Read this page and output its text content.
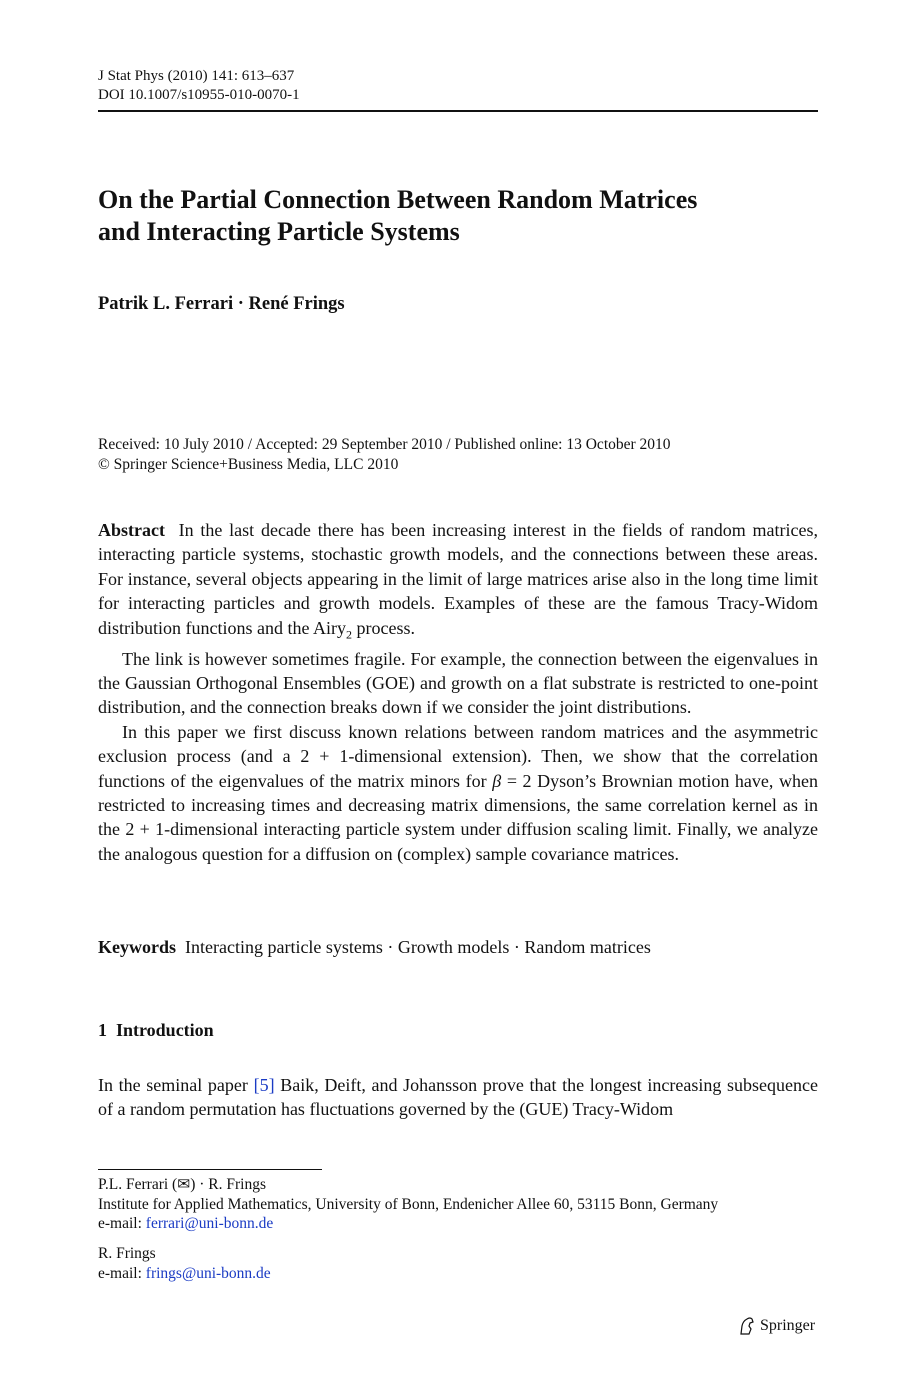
J Stat Phys (2010) 141: 613–637
DOI 10.1007/s10955-010-0070-1
On the Partial Connection Between Random Matrices
and Interacting Particle Systems
Patrik L. Ferrari · René Frings
Received: 10 July 2010 / Accepted: 29 September 2010 / Published online: 13 October 2010
© Springer Science+Business Media, LLC 2010

Abstract In the last decade there has been increasing interest in the fields of random matrices, interacting particle systems, stochastic growth models, and the connections between these areas. For instance, several objects appearing in the limit of large matrices arise also in the long time limit for interacting particles and growth models. Examples of these are the famous Tracy-Widom distribution functions and the Airy$_2$ process.

The link is however sometimes fragile. For example, the connection between the eigenvalues in the Gaussian Orthogonal Ensembles (GOE) and growth on a flat substrate is restricted to one-point distribution, and the connection breaks down if we consider the joint distributions.

In this paper we first discuss known relations between random matrices and the asymmetric exclusion process (and a 2 + 1-dimensional extension). Then, we show that the correlation functions of the eigenvalues of the matrix minors for β = 2 Dyson’s Brownian motion have, when restricted to increasing times and decreasing matrix dimensions, the same correlation kernel as in the 2 + 1-dimensional interacting particle system under diffusion scaling limit. Finally, we analyze the analogous question for a diffusion on (complex) sample covariance matrices.

Keywords Interacting particle systems · Growth models · Random matrices
1 Introduction
In the seminal paper [5] Baik, Deift, and Johansson prove that the longest increasing subsequence of a random permutation has fluctuations governed by the (GUE) Tracy-Widom
P.L. Ferrari (✉) · R. Frings
Institute for Applied Mathematics, University of Bonn, Endenicher Allee 60, 53115 Bonn, Germany
e-mail: ferrari@uni-bonn.de
R. Frings
e-mail: frings@uni-bonn.de
Springer
